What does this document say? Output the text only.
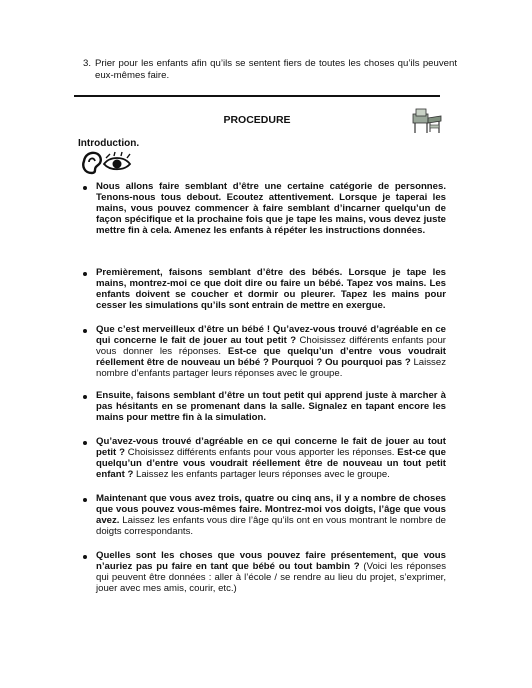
3. Prier pour les enfants afin qu’ils se sentent fiers de toutes les choses qu’ils peuvent eux-mêmes faire.

PROCEDURE
Introduction.

Nous allons faire semblant d’être une certaine catégorie de personnes. Tenons-nous tous debout. Ecoutez attentivement. Lorsque je taperai les mains, vous pouvez commencer à faire semblant d’incarner quelqu’un de façon spécifique et la prochaine fois que je tape les mains, vous devez juste mettre fin à cela. Amenez les enfants à répéter les instructions données.

Premièrement, faisons semblant d’être des bébés. Lorsque je tape les mains, montrez-moi ce que doit dire ou faire un bébé. Tapez vos mains. Les enfants doivent se coucher et dormir ou pleurer. Tapez les mains pour cesser les simulations qu’ils sont entrain de mettre en exergue.

Que c’est merveilleux d’être un bébé ! Qu’avez-vous trouvé d’agréable en ce qui concerne le fait de jouer au tout petit ? Choisissez différents enfants pour vous donner les réponses. Est-ce que quelqu’un d’entre vous voudrait réellement être de nouveau un bébé ? Pourquoi ? Ou pourquoi pas ? Laissez nombre d’enfants partager leurs réponses avec le groupe.

Ensuite, faisons semblant d’être un tout petit qui apprend juste à marcher à pas hésitants en se promenant dans la salle. Signalez en tapant encore les mains pour mettre fin à la simulation.

Qu’avez-vous trouvé d’agréable en ce qui concerne le fait de jouer au tout petit ? Choisissez différents enfants pour vous apporter les réponses. Est-ce que quelqu’un d’entre vous voudrait réellement être de nouveau un tout petit enfant ? Laissez les enfants partager leurs réponses avec le groupe.

Maintenant que vous avez trois, quatre ou cinq ans, il y a nombre de choses que vous pouvez vous-mêmes faire. Montrez-moi vos doigts, l’âge que vous avez. Laissez les enfants vous dire l’âge qu’ils ont en vous montrant le nombre de doigts correspondants.

Quelles sont les choses que vous pouvez faire présentement, que vous n’auriez pas pu faire en tant que bébé ou tout bambin ? (Voici les réponses qui peuvent être données : aller à l’école / se rendre au lieu du projet, s’exprimer, jouer avec mes amis, courir, etc.)
